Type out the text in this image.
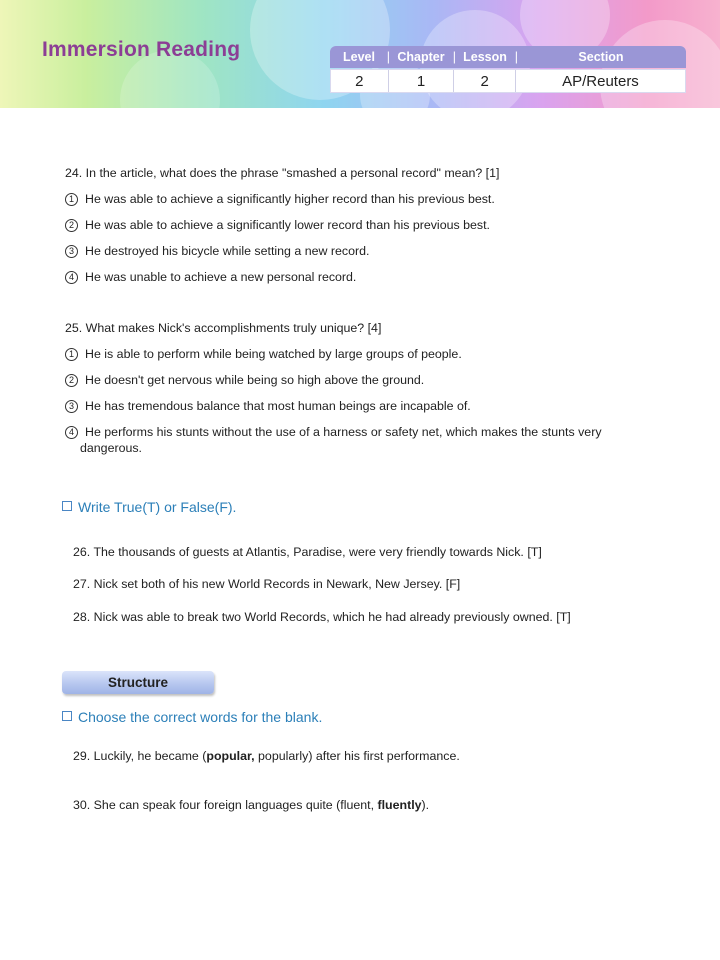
Immersion Reading	Level |	Chapter |	Lesson |	Section
2	1	2	AP/Reuters
24. In the article, what does the phrase "smashed a personal record" mean? [1]
1 He was able to achieve a significantly higher record than his previous best.
2 He was able to achieve a significantly lower record than his previous best.
3 He destroyed his bicycle while setting a new record.
4 He was unable to achieve a new personal record.
25. What makes Nick's accomplishments truly unique? [4]
1 He is able to perform while being watched by large groups of people.
2 He doesn't get nervous while being so high above the ground.
3 He has tremendous balance that most human beings are incapable of.
4 He performs his stunts without the use of a harness or safety net, which makes the stunts very
dangerous.
Write True(T) or False(F).
26. The thousands of guests at Atlantis, Paradise, were very friendly towards Nick. [T]
27. Nick set both of his new World Records in Newark, New Jersey. [F]
28. Nick was able to break two World Records, which he had already previously owned. [T]
Structure
Choose the correct words for the blank.
29. Luckily, he became (popular, popularly) after his first performance.
30. She can speak four foreign languages quite (fluent, fluently).
